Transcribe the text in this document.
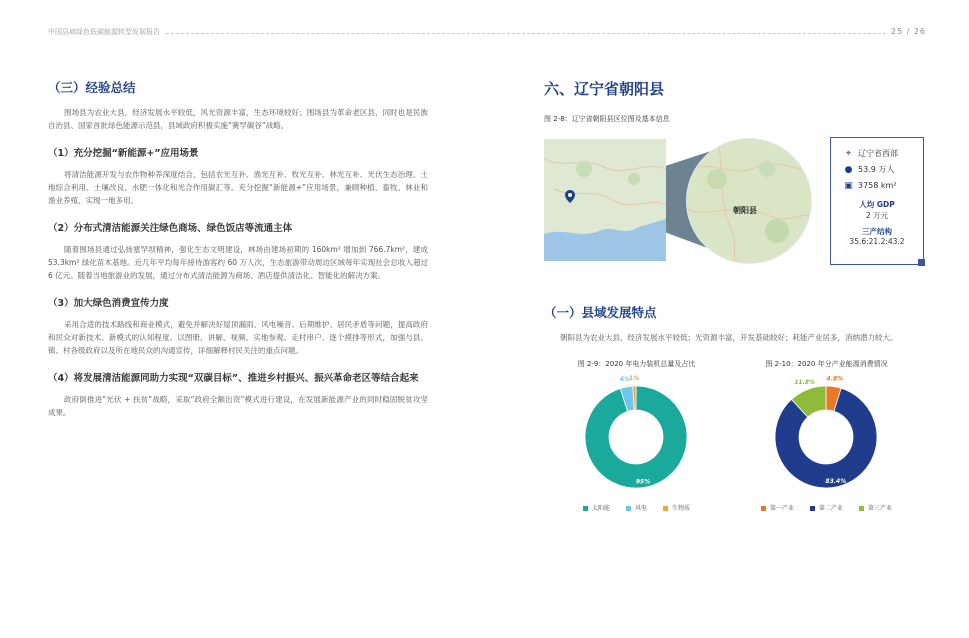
中国县域绿色低碳能源转型发展报告	25 / 26
（三）经验总结

围场县为农业大县，经济发展水平较低，风光资源丰富，生态环境较好；围场县为革命老区县，同时也是民族自治县、国家首批绿色能源示范县，县域政府积极实施“赛罕碳谷”战略。

（1）充分挖掘“新能源+”应用场景

将清洁能源开发与农作物种养深度结合，包括农光互补、渔光互补、牧光互补、林光互补、光伏生态治理、土地综合利用、土壤改良、水肥一体化和光合作用碳汇等。充分挖掘“新能源+”应用场景，兼顾种植、畜牧、林业和渔业养殖，实现一地多用。

（2）分布式清洁能源关注绿色商场、绿色饭店等流通主体

随着围场县通过弘扬塞罕坝精神，强化生态文明建设，林场由建场初期的 160km² 增加到 766.7km²，建成 53.3km² 绿化苗木基地。近几年平均每年接待游客约 60 万人次，生态旅游带动周边区域每年实现社会总收入超过 6 亿元。随着当地旅游业的发展，通过分布式清洁能源为商场、酒店提供清洁化、智能化的解决方案。

（3）加大绿色消费宣传力度

采用合适的技术路线和商业模式，避免并解决好屋顶漏雨、风电噪音、后期维护、居民矛盾等问题，提高政府和民众对新技术、新模式的认知程度。以图册、讲解、视频、实地参观、走村串户、逐个摸排等形式，加强与县、镇、村各级政府以及所在地民众的沟通宣传，详细解释村民关注的重点问题。

（4）将发展清洁能源同助力实现“双碳目标”、推进乡村振兴、振兴革命老区等结合起来

政府倒推进“光伏 + 扶贫”战略，采取“政府全额出资”模式进行建设，在发展新能源产业的同时稳固脱贫攻坚成果。

六、辽宁省朝阳县
图 2-8：辽宁省朝阳县区位图及基本信息
朝阳县
⌖ 辽宁省西部
● 53.9 万人
▣ 3758 km²
人均 GDP
2 万元
三产结构
35.6:21.2:43.2
（一）县域发展特点

朝阳县为农业大县，经济发展水平较低；光资源丰富，开发基础较好；耗能产业居多，消纳潜力较大。

图 2-9：2020 年电力装机总量及占比
95%
4% 1%
太阳能	风电	生物质
图 2-10：2020 年分产业能源消费情况
4.8%
83.4%
11.8%
第一产业	第二产业	第三产业
